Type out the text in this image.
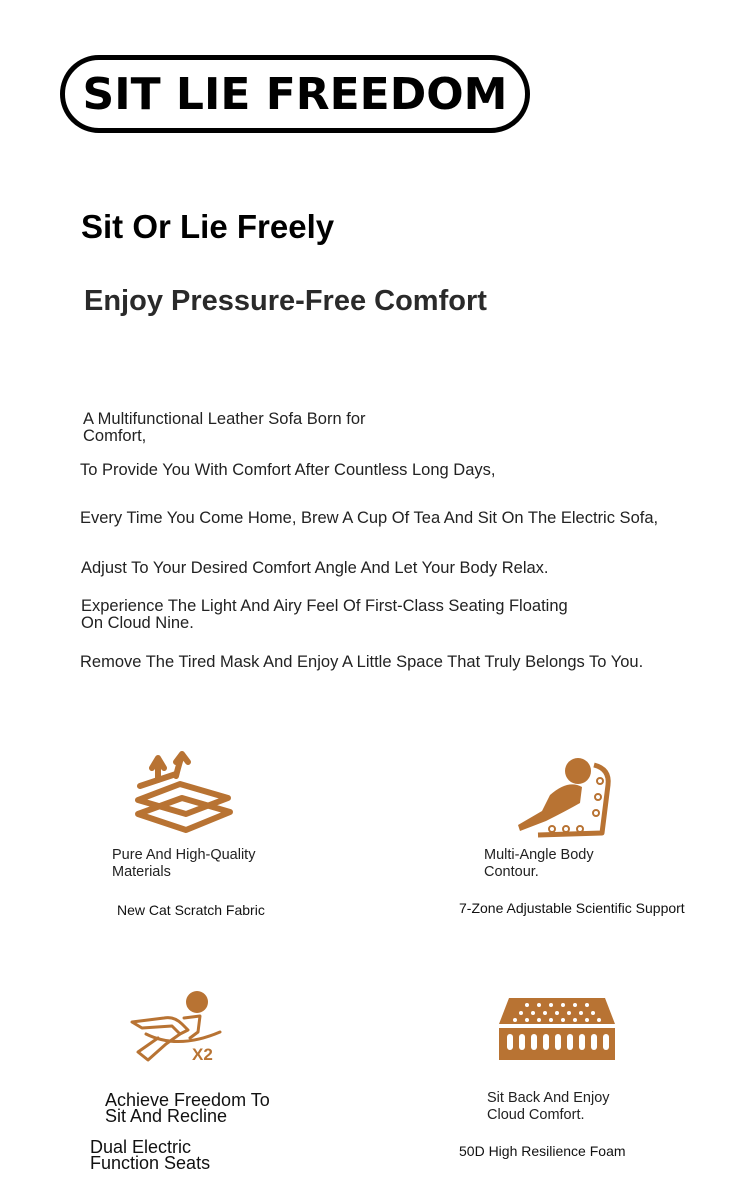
SIT LIE FREEDOM
Sit Or Lie Freely
Enjoy Pressure-Free Comfort
A Multifunctional Leather Sofa Born for
Comfort,
To Provide You With Comfort After Countless Long Days,
Every Time You Come Home, Brew A Cup Of Tea And Sit On The Electric Sofa,
Adjust To Your Desired Comfort Angle And Let Your Body Relax.
Experience The Light And Airy Feel Of First-Class Seating Floating
On Cloud Nine.
Remove The Tired Mask And Enjoy A Little Space That Truly Belongs To You.
Pure And High-Quality
Materials
New Cat Scratch Fabric
Multi-Angle Body
Contour.
7-Zone Adjustable Scientific Support
X2
Achieve Freedom To
Sit And Recline
Dual Electric
Function Seats
Sit Back And Enjoy
Cloud Comfort.
50D High Resilience Foam
